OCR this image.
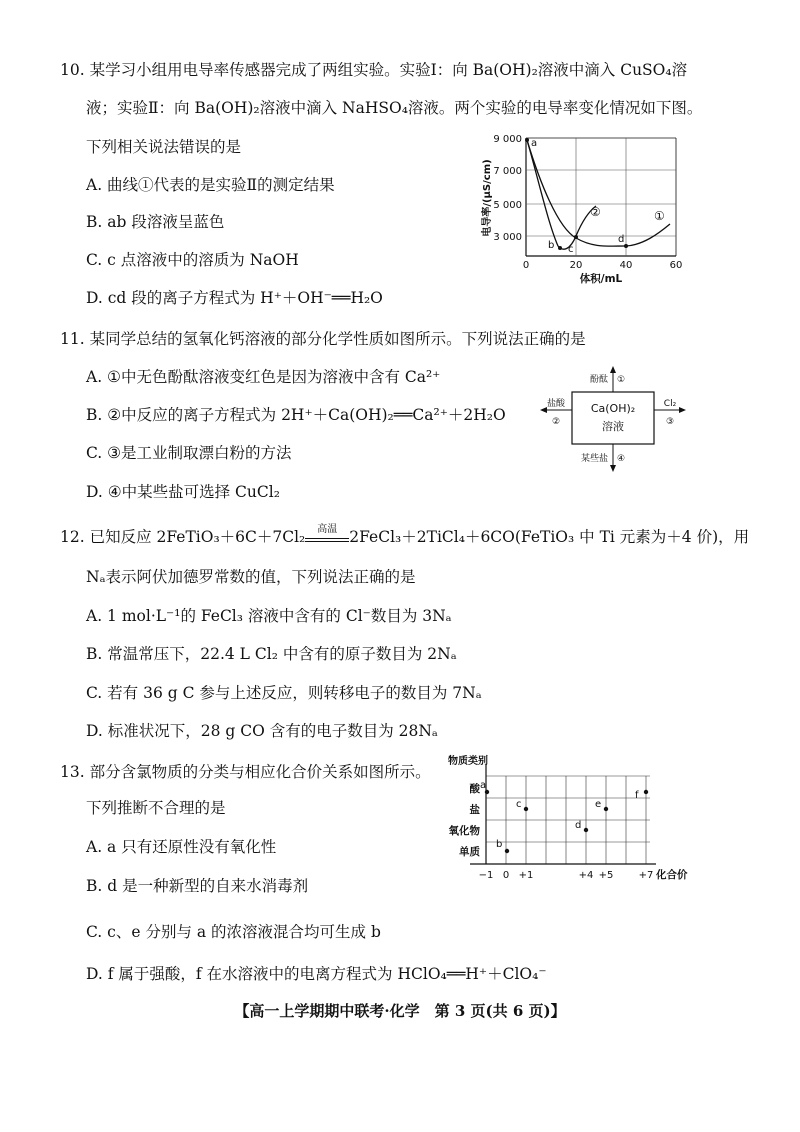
10. 某学习小组用电导率传感器完成了两组实验。实验Ⅰ：向 Ba(OH)₂溶液中滴入 CuSO₄溶
液；实验Ⅱ：向 Ba(OH)₂溶液中滴入 NaHSO₄溶液。两个实验的电导率变化情况如下图。
下列相关说法错误的是
A. 曲线①代表的是实验Ⅱ的测定结果
B. ab 段溶液呈蓝色
C. c 点溶液中的溶质为 NaOH
D. cd 段的离子方程式为 H⁺＋OH⁻══H₂O
9 000
7 000
5 000
3 000
0	20	40	60
体积/mL
电导率/(μS/cm)
a
b c
d
②	①
11. 某同学总结的氢氧化钙溶液的部分化学性质如图所示。下列说法正确的是
A. ①中无色酚酞溶液变红色是因为溶液中含有 Ca²⁺
B. ②中反应的离子方程式为 2H⁺＋Ca(OH)₂══Ca²⁺＋2H₂O
C. ③是工业制取漂白粉的方法
D. ④中某些盐可选择 CuCl₂
Ca(OH)₂
溶液
酚酞 ①
盐酸
②
Cl₂
③
某些盐 ④
12. 已知反应 2FeTiO₃＋6C＋7Cl₂	高温 2FeCl₃＋2TiCl₄＋6CO(FeTiO₃ 中 Ti 元素为＋4 价)，用
Nₐ表示阿伏加德罗常数的值，下列说法正确的是
A. 1 mol·L⁻¹的 FeCl₃ 溶液中含有的 Cl⁻数目为 3Nₐ
B. 常温常压下，22.4 L Cl₂ 中含有的原子数目为 2Nₐ
C. 若有 36 g C 参与上述反应，则转移电子的数目为 7Nₐ
D. 标准状况下，28 g CO 含有的电子数目为 28Nₐ
13. 部分含氯物质的分类与相应化合价关系如图所示。
下列推断不合理的是
A. a 只有还原性没有氧化性
B. d 是一种新型的自来水消毒剂
C. c、e 分别与 a 的浓溶液混合均可生成 b
D. f 属于强酸，f 在水溶液中的电离方程式为 HClO₄══H⁺＋ClO₄⁻
物质类别
酸
盐
氧化物
单质
−1 0 +1	+4 +5	+7 化合价
a
b
c
d
e
f
【高一上学期期中联考·化学　第 3 页(共 6 页)】
